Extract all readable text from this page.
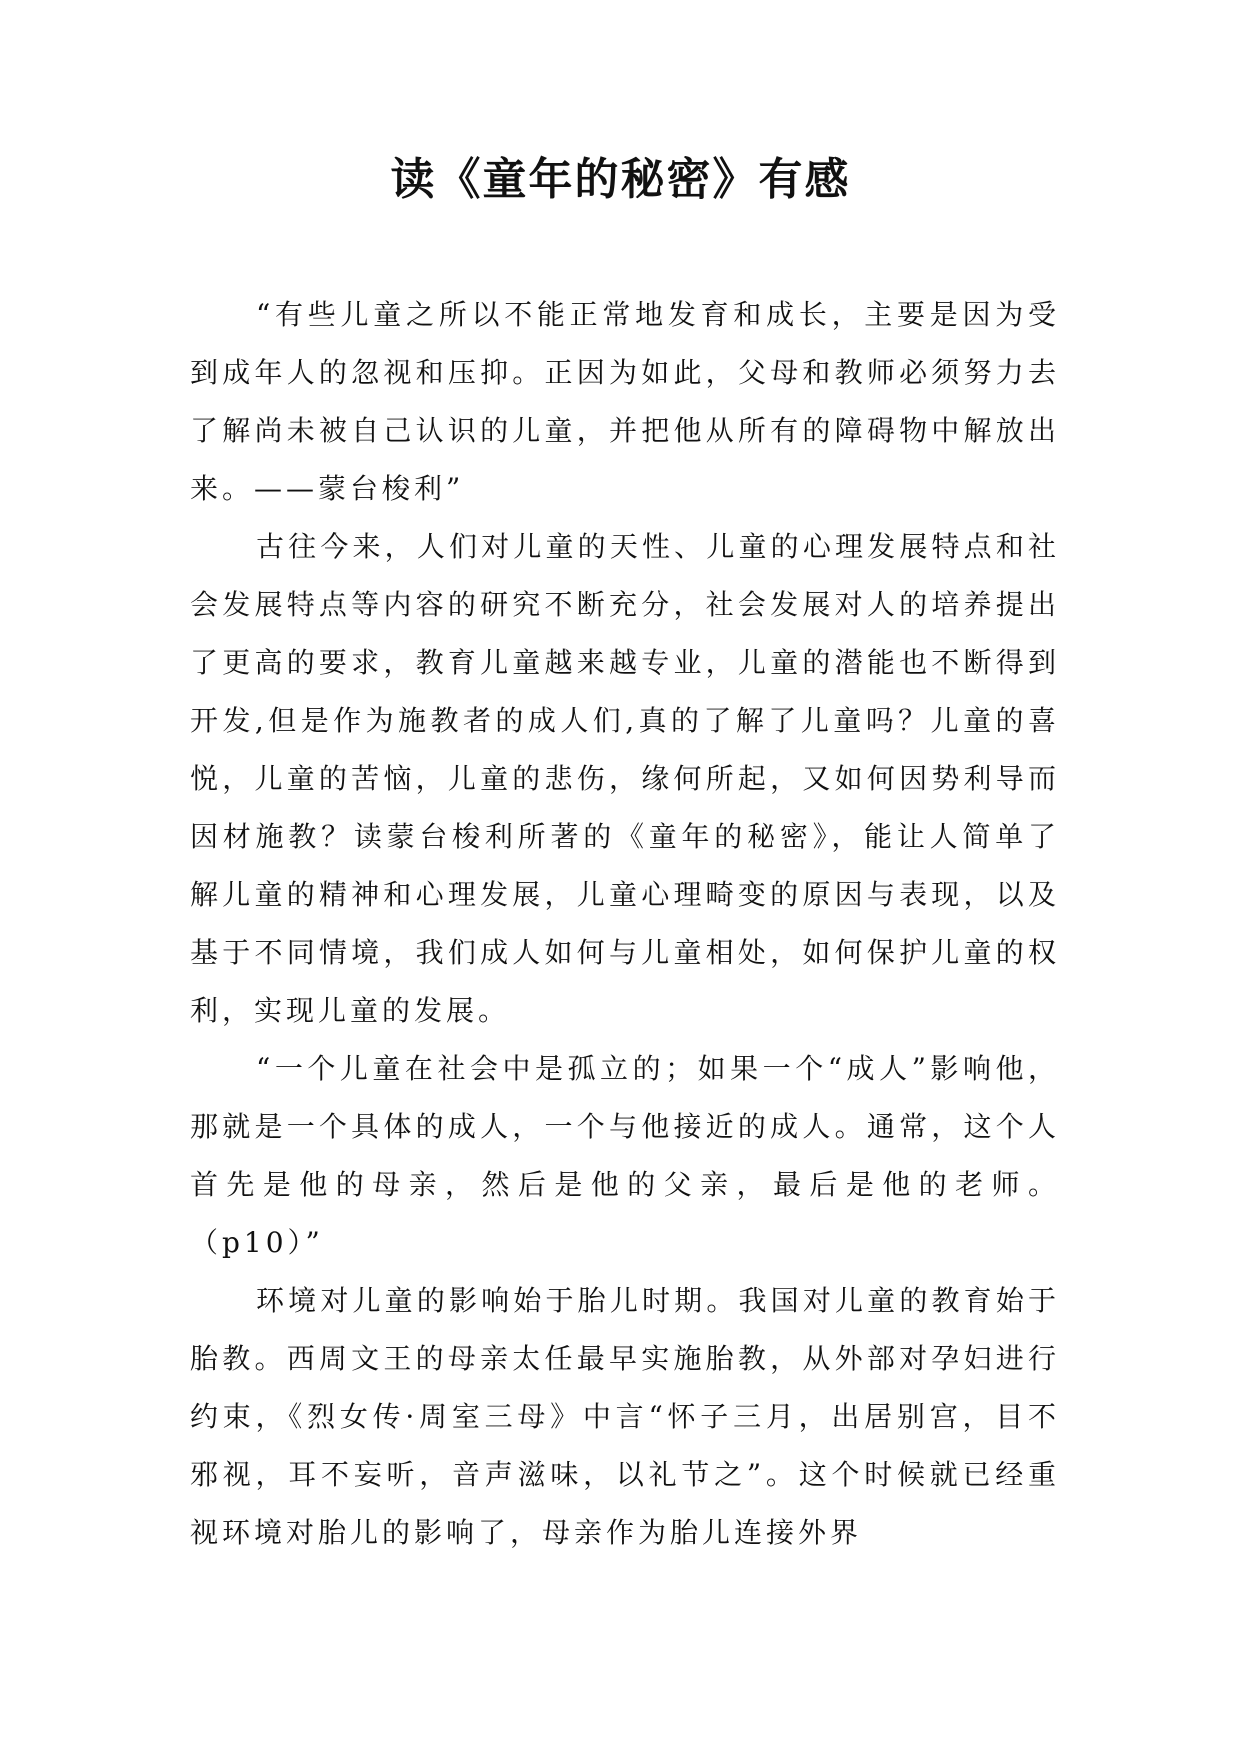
读《童年的秘密》有感

“有些儿童之所以不能正常地发育和成长，主要是因为受到成年人的忽视和压抑。正因为如此，父母和教师必须努力去了解尚未被自己认识的儿童，并把他从所有的障碍物中解放出来。——蒙台梭利”

古往今来，人们对儿童的天性、儿童的心理发展特点和社会发展特点等内容的研究不断充分，社会发展对人的培养提出了更高的要求，教育儿童越来越专业，儿童的潜能也不断得到开发,但是作为施教者的成人们,真的了解了儿童吗？儿童的喜悦，儿童的苦恼，儿童的悲伤，缘何所起，又如何因势利导而因材施教？读蒙台梭利所著的《童年的秘密》，能让人简单了解儿童的精神和心理发展，儿童心理畸变的原因与表现，以及基于不同情境，我们成人如何与儿童相处，如何保护儿童的权利，实现儿童的发展。

“一个儿童在社会中是孤立的；如果一个“成人”影响他，那就是一个具体的成人，一个与他接近的成人。通常，这个人首先是他的母亲，然后是他的父亲，最后是他的老师。（p10）”

环境对儿童的影响始于胎儿时期。我国对儿童的教育始于胎教。西周文王的母亲太任最早实施胎教，从外部对孕妇进行约束，《烈女传·周室三母》中言“怀子三月，出居别宫，目不邪视，耳不妄听，音声滋味，以礼节之”。这个时候就已经重视环境对胎儿的影响了，母亲作为胎儿连接外界
